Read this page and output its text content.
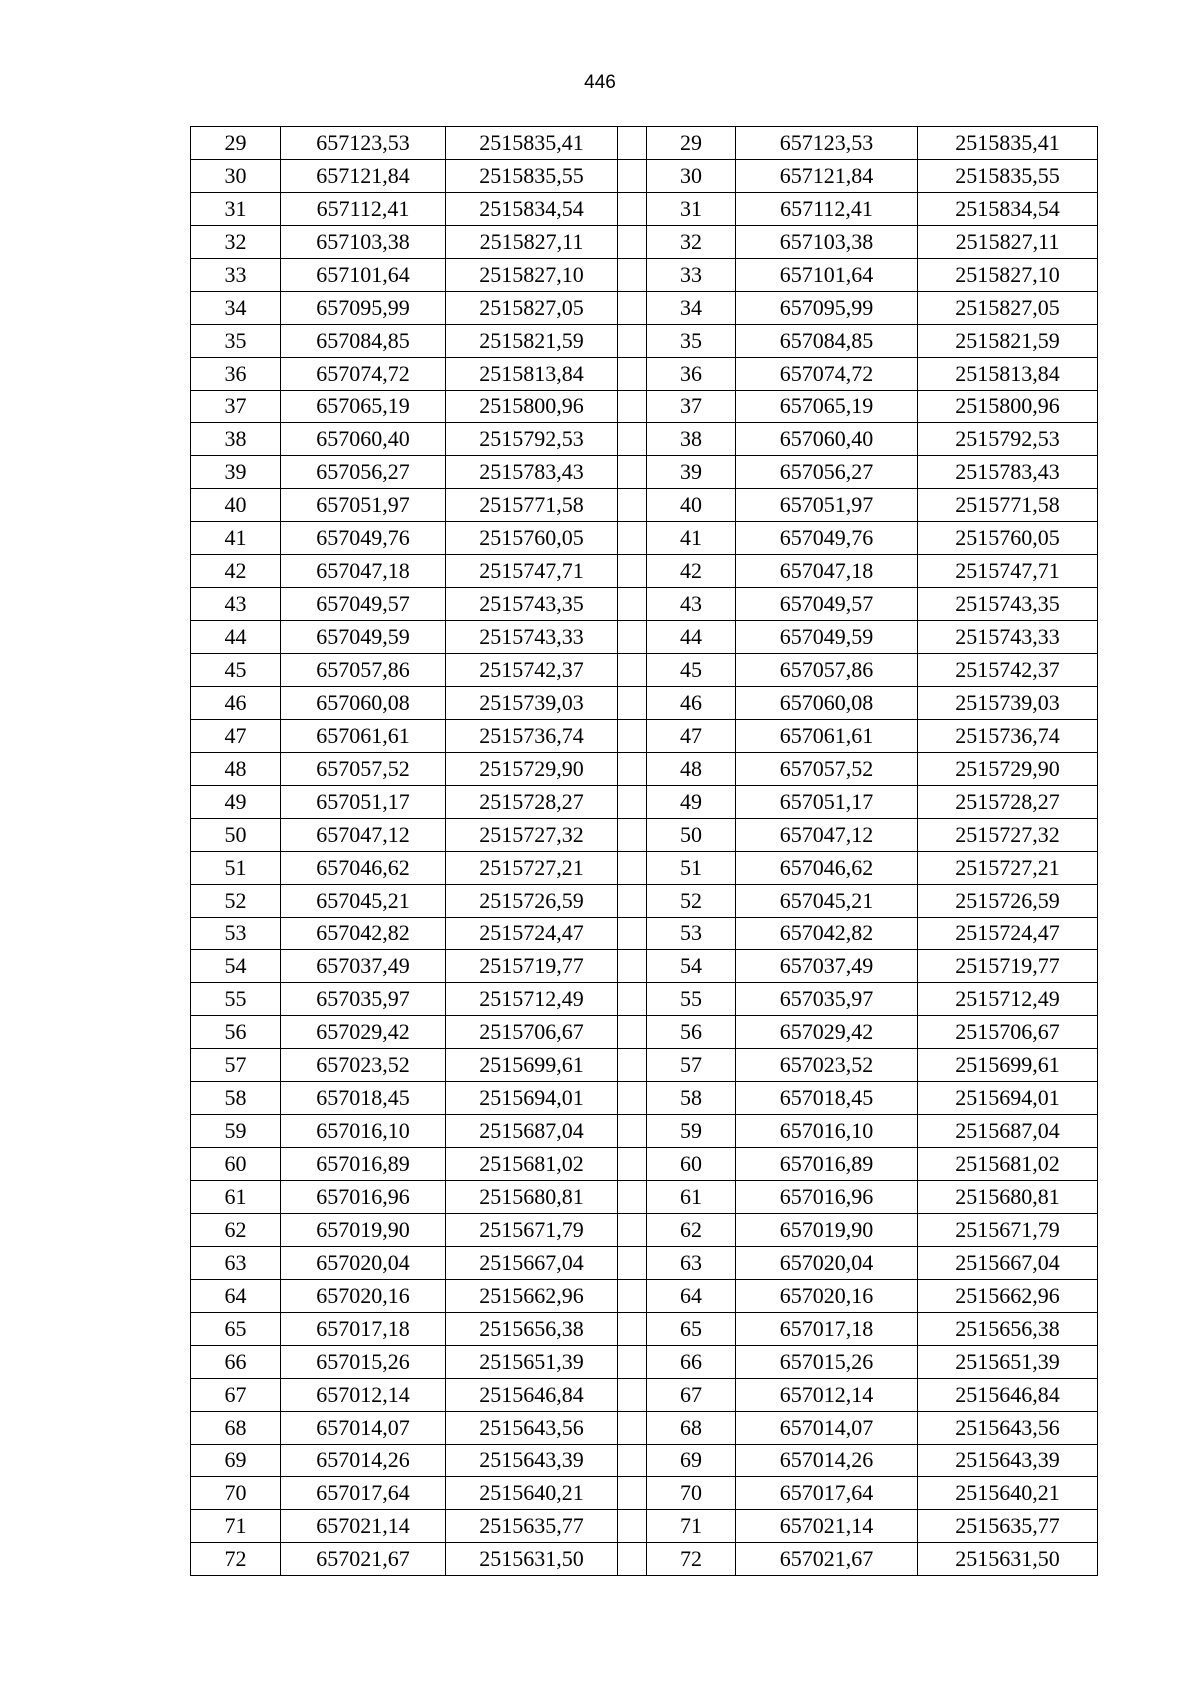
446
29	657123,53	2515835,41		29	657123,53	2515835,41
30	657121,84	2515835,55		30	657121,84	2515835,55
31	657112,41	2515834,54		31	657112,41	2515834,54
32	657103,38	2515827,11		32	657103,38	2515827,11
33	657101,64	2515827,10		33	657101,64	2515827,10
34	657095,99	2515827,05		34	657095,99	2515827,05
35	657084,85	2515821,59		35	657084,85	2515821,59
36	657074,72	2515813,84		36	657074,72	2515813,84
37	657065,19	2515800,96		37	657065,19	2515800,96
38	657060,40	2515792,53		38	657060,40	2515792,53
39	657056,27	2515783,43		39	657056,27	2515783,43
40	657051,97	2515771,58		40	657051,97	2515771,58
41	657049,76	2515760,05		41	657049,76	2515760,05
42	657047,18	2515747,71		42	657047,18	2515747,71
43	657049,57	2515743,35		43	657049,57	2515743,35
44	657049,59	2515743,33		44	657049,59	2515743,33
45	657057,86	2515742,37		45	657057,86	2515742,37
46	657060,08	2515739,03		46	657060,08	2515739,03
47	657061,61	2515736,74		47	657061,61	2515736,74
48	657057,52	2515729,90		48	657057,52	2515729,90
49	657051,17	2515728,27		49	657051,17	2515728,27
50	657047,12	2515727,32		50	657047,12	2515727,32
51	657046,62	2515727,21		51	657046,62	2515727,21
52	657045,21	2515726,59		52	657045,21	2515726,59
53	657042,82	2515724,47		53	657042,82	2515724,47
54	657037,49	2515719,77		54	657037,49	2515719,77
55	657035,97	2515712,49		55	657035,97	2515712,49
56	657029,42	2515706,67		56	657029,42	2515706,67
57	657023,52	2515699,61		57	657023,52	2515699,61
58	657018,45	2515694,01		58	657018,45	2515694,01
59	657016,10	2515687,04		59	657016,10	2515687,04
60	657016,89	2515681,02		60	657016,89	2515681,02
61	657016,96	2515680,81		61	657016,96	2515680,81
62	657019,90	2515671,79		62	657019,90	2515671,79
63	657020,04	2515667,04		63	657020,04	2515667,04
64	657020,16	2515662,96		64	657020,16	2515662,96
65	657017,18	2515656,38		65	657017,18	2515656,38
66	657015,26	2515651,39		66	657015,26	2515651,39
67	657012,14	2515646,84		67	657012,14	2515646,84
68	657014,07	2515643,56		68	657014,07	2515643,56
69	657014,26	2515643,39		69	657014,26	2515643,39
70	657017,64	2515640,21		70	657017,64	2515640,21
71	657021,14	2515635,77		71	657021,14	2515635,77
72	657021,67	2515631,50		72	657021,67	2515631,50
